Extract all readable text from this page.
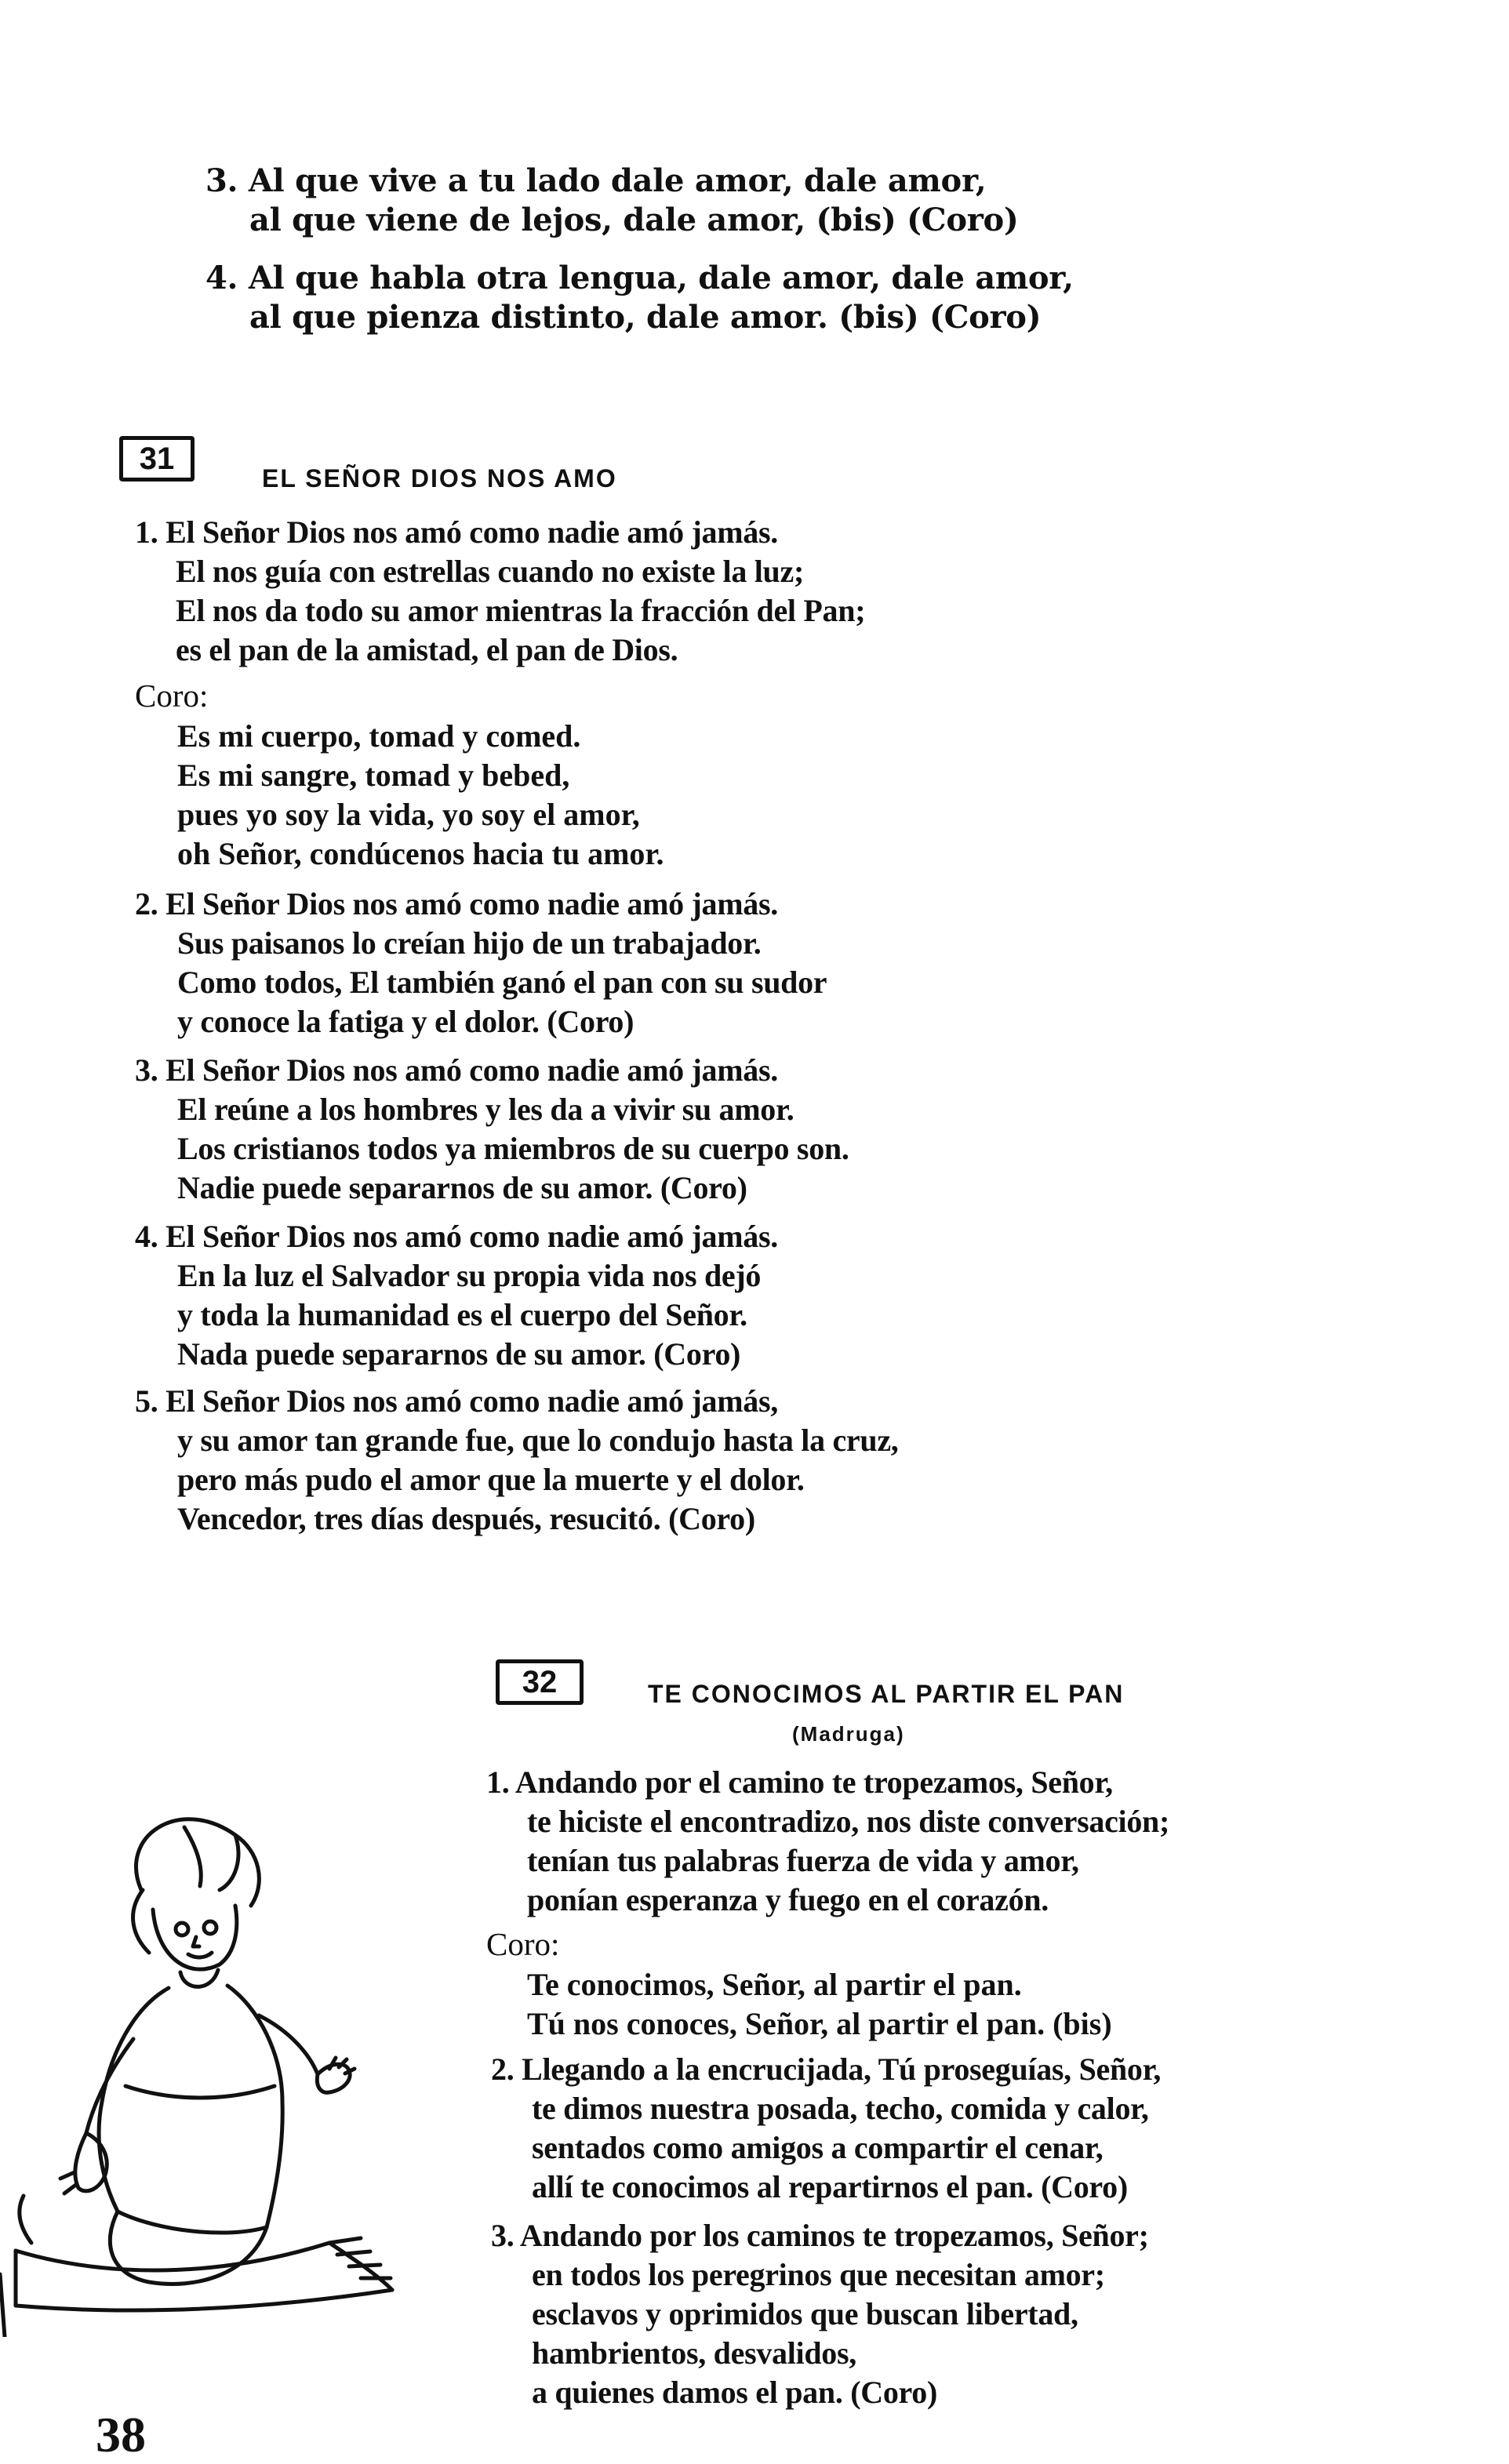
3. Al que vive a tu lado dale amor, dale amor,
al que viene de lejos, dale amor, (bis) (Coro)
4. Al que habla otra lengua, dale amor, dale amor,
al que pienza distinto, dale amor. (bis) (Coro)
31
EL SEÑOR DIOS NOS AMO
1. El Señor Dios nos amó como nadie amó jamás.
El nos guía con estrellas cuando no existe la luz;
El nos da todo su amor mientras la fracción del Pan;
es el pan de la amistad, el pan de Dios.
Coro:
Es mi cuerpo, tomad y comed.
Es mi sangre, tomad y bebed,
pues yo soy la vida, yo soy el amor,
oh Señor, condúcenos hacia tu amor.
2. El Señor Dios nos amó como nadie amó jamás.
Sus paisanos lo creían hijo de un trabajador.
Como todos, El también ganó el pan con su sudor
y conoce la fatiga y el dolor. (Coro)
3. El Señor Dios nos amó como nadie amó jamás.
El reúne a los hombres y les da a vivir su amor.
Los cristianos todos ya miembros de su cuerpo son.
Nadie puede separarnos de su amor. (Coro)
4. El Señor Dios nos amó como nadie amó jamás.
En la luz el Salvador su propia vida nos dejó
y toda la humanidad es el cuerpo del Señor.
Nada puede separarnos de su amor. (Coro)
5. El Señor Dios nos amó como nadie amó jamás,
y su amor tan grande fue, que lo condujo hasta la cruz,
pero más pudo el amor que la muerte y el dolor.
Vencedor, tres días después, resucitó. (Coro)
32	TE CONOCIMOS AL PARTIR EL PAN
(Madruga)
1. Andando por el camino te tropezamos, Señor,
te hiciste el encontradizo, nos diste conversación;
tenían tus palabras fuerza de vida y amor,
ponían esperanza y fuego en el corazón.
Coro:
Te conocimos, Señor, al partir el pan.
Tú nos conoces, Señor, al partir el pan. (bis)
2. Llegando a la encrucijada, Tú proseguías, Señor,
te dimos nuestra posada, techo, comida y calor,
sentados como amigos a compartir el cenar,
allí te conocimos al repartirnos el pan. (Coro)
3. Andando por los caminos te tropezamos, Señor;
en todos los peregrinos que necesitan amor;
esclavos y oprimidos que buscan libertad,
hambrientos, desvalidos,
a quienes damos el pan. (Coro)
38
